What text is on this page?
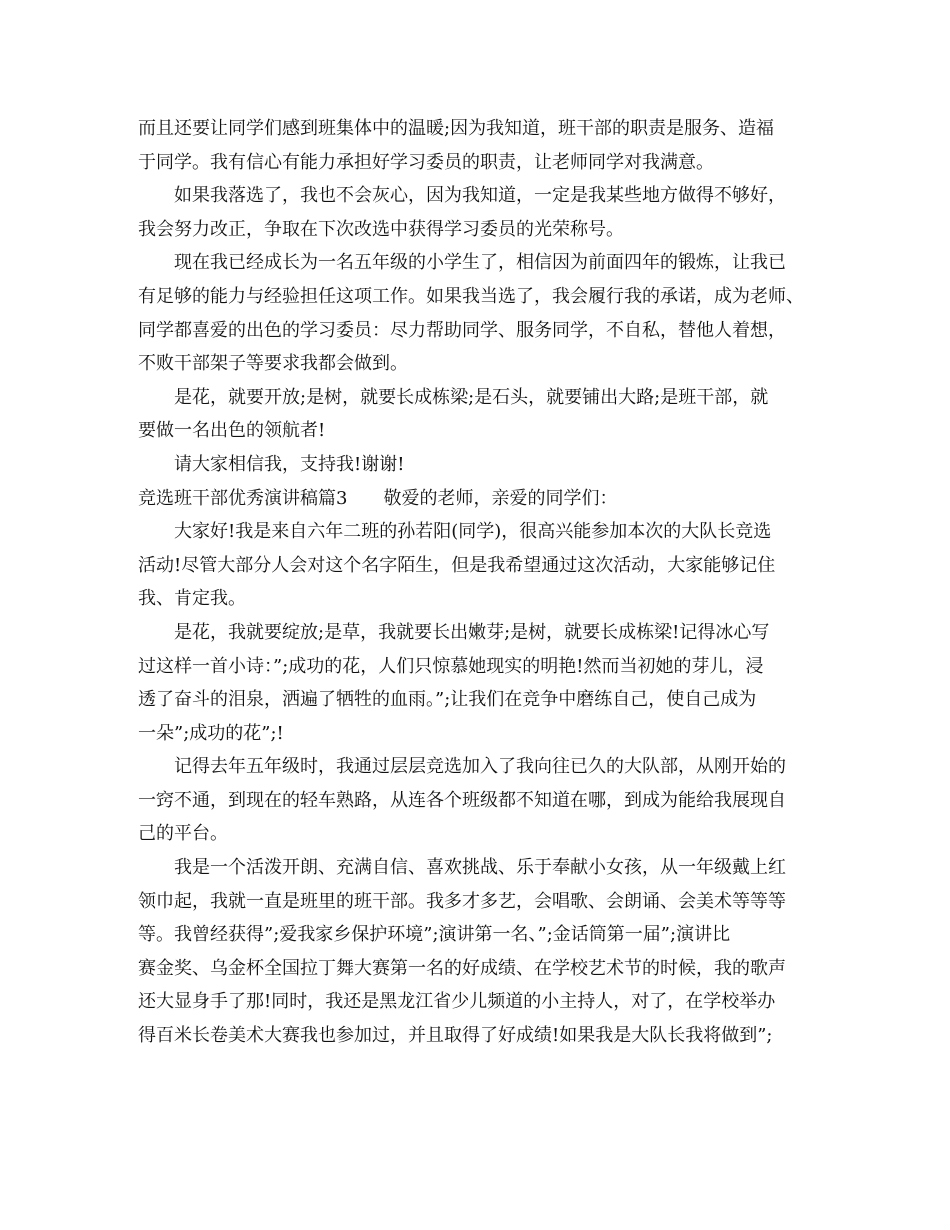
而且还要让同学们感到班集体中的温暖;因为我知道，班干部的职责是服务、造福
于同学。我有信心有能力承担好学习委员的职责，让老师同学对我满意。
如果我落选了，我也不会灰心，因为我知道，一定是我某些地方做得不够好，
我会努力改正，争取在下次改选中获得学习委员的光荣称号。
现在我已经成长为一名五年级的小学生了，相信因为前面四年的锻炼，让我已
有足够的能力与经验担任这项工作。如果我当选了，我会履行我的承诺，成为老师、
同学都喜爱的出色的学习委员：尽力帮助同学、服务同学，不自私，替他人着想，
不败干部架子等要求我都会做到。
是花，就要开放;是树，就要长成栋梁;是石头，就要铺出大路;是班干部，就
要做一名出色的领航者!
请大家相信我，支持我!谢谢!
竞选班干部优秀演讲稿篇3　　敬爱的老师，亲爱的同学们：
大家好!我是来自六年二班的孙若阳(同学)，很高兴能参加本次的大队长竞选
活动!尽管大部分人会对这个名字陌生，但是我希望通过这次活动，大家能够记住
我、肯定我。
是花，我就要绽放;是草，我就要长出嫩芽;是树，就要长成栋梁!记得冰心写
过这样一首小诗：”;成功的花，人们只惊慕她现实的明艳!然而当初她的芽儿，浸
透了奋斗的泪泉，洒遍了牺牲的血雨。”;让我们在竞争中磨练自己，使自己成为
一朵”;成功的花”;!
记得去年五年级时，我通过层层竞选加入了我向往已久的大队部，从刚开始的
一窍不通，到现在的轻车熟路，从连各个班级都不知道在哪，到成为能给我展现自
己的平台。
我是一个活泼开朗、充满自信、喜欢挑战、乐于奉献小女孩，从一年级戴上红
领巾起，我就一直是班里的班干部。我多才多艺，会唱歌、会朗诵、会美术等等等
等。我曾经获得”;爱我家乡保护环境”;演讲第一名、”;金话筒第一届”;演讲比
赛金奖、乌金杯全国拉丁舞大赛第一名的好成绩、在学校艺术节的时候，我的歌声
还大显身手了那!同时，我还是黑龙江省少儿频道的小主持人，对了，在学校举办
得百米长卷美术大赛我也参加过，并且取得了好成绩!如果我是大队长我将做到”;
